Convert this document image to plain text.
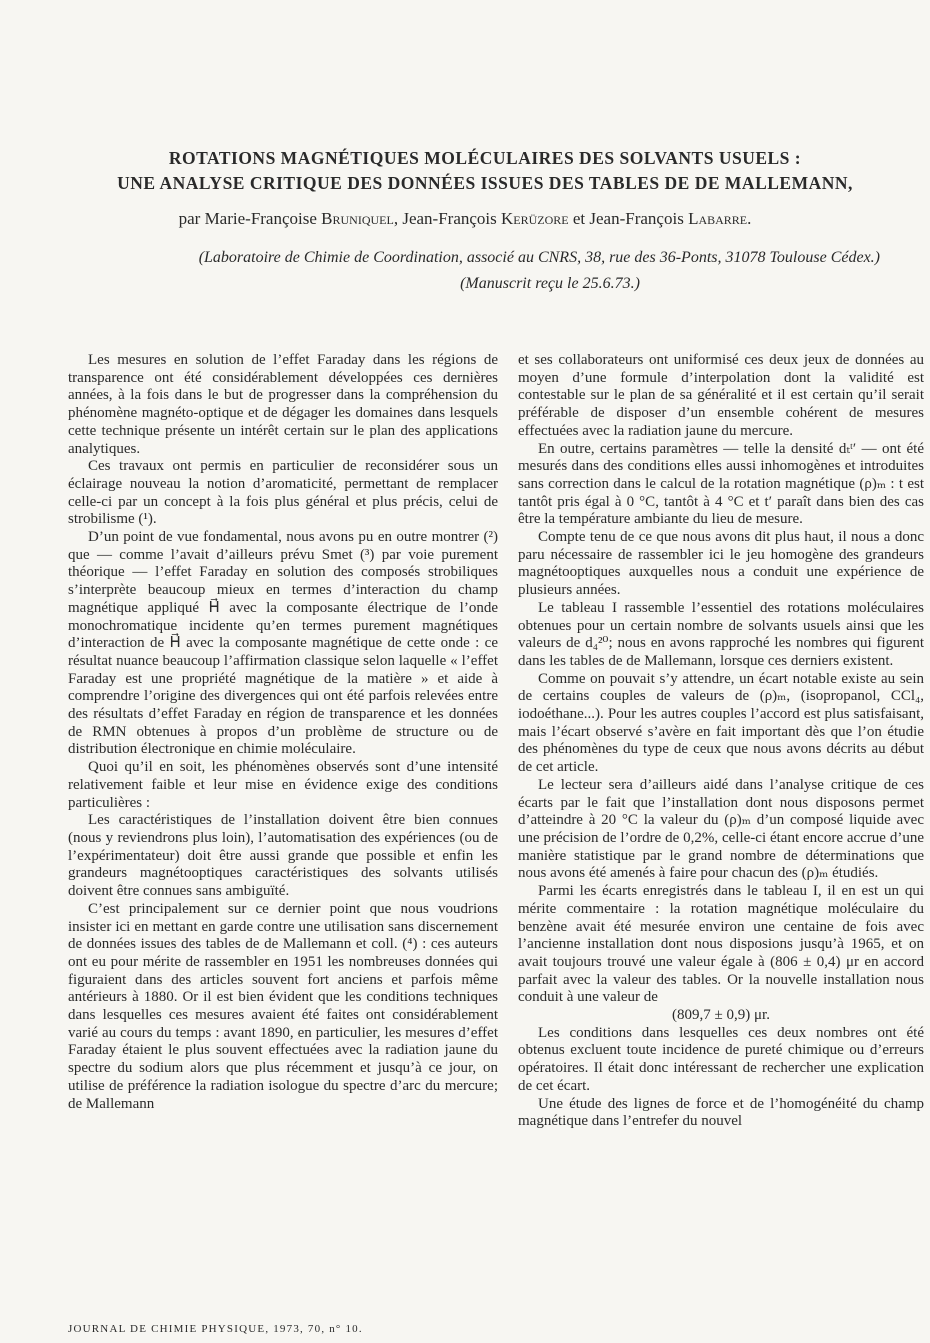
ROTATIONS MAGNÉTIQUES MOLÉCULAIRES DES SOLVANTS USUELS :
UNE ANALYSE CRITIQUE DES DONNÉES ISSUES DES TABLES DE DE MALLEMANN,
par Marie-Françoise Bruniquel, Jean-François Kerüzore et Jean-François Labarre.
(Laboratoire de Chimie de Coordination, associé au CNRS, 38, rue des 36-Ponts, 31078 Toulouse Cédex.)
(Manuscrit reçu le 25.6.73.)

Les mesures en solution de l’effet Faraday dans les régions de transparence ont été considérablement développées ces dernières années, à la fois dans le but de progresser dans la compréhension du phénomène magnéto-optique et de dégager les domaines dans lesquels cette technique présente un intérêt certain sur le plan des applications analytiques.

Ces travaux ont permis en particulier de reconsidérer sous un éclairage nouveau la notion d’aromaticité, permettant de remplacer celle-ci par un concept à la fois plus général et plus précis, celui de strobilisme (¹).

D’un point de vue fondamental, nous avons pu en outre montrer (²) que — comme l’avait d’ailleurs prévu Smet (³) par voie purement théorique — l’effet Faraday en solution des composés strobiliques s’interprète beaucoup mieux en termes d’interaction du champ magnétique appliqué H⃗ avec la composante électrique de l’onde monochromatique incidente qu’en termes purement magnétiques d’interaction de H⃗ avec la composante magnétique de cette onde : ce résultat nuance beaucoup l’affirmation classique selon laquelle « l’effet Faraday est une propriété magnétique de la matière » et aide à comprendre l’origine des divergences qui ont été parfois relevées entre des résultats d’effet Faraday en région de transparence et les données de RMN obtenues à propos d’un problème de structure ou de distribution électronique en chimie moléculaire.

Quoi qu’il en soit, les phénomènes observés sont d’une intensité relativement faible et leur mise en évidence exige des conditions particulières :

Les caractéristiques de l’installation doivent être bien connues (nous y reviendrons plus loin), l’automatisation des expériences (ou de l’expérimentateur) doit être aussi grande que possible et enfin les grandeurs magnétooptiques caractéristiques des solvants utilisés doivent être connues sans ambiguïté.

C’est principalement sur ce dernier point que nous voudrions insister ici en mettant en garde contre une utilisation sans discernement de données issues des tables de de Mallemann et coll. (⁴) : ces auteurs ont eu pour mérite de rassembler en 1951 les nombreuses données qui figuraient dans des articles souvent fort anciens et parfois même antérieurs à 1880. Or il est bien évident que les conditions techniques dans lesquelles ces mesures avaient été faites ont considérablement varié au cours du temps : avant 1890, en particulier, les mesures d’effet Faraday étaient le plus souvent effectuées avec la radiation jaune du spectre du sodium alors que plus récemment et jusqu’à ce jour, on utilise de préférence la radiation isologue du spectre d’arc du mercure; de Mallemann

et ses collaborateurs ont uniformisé ces deux jeux de données au moyen d’une formule d’interpolation dont la validité est contestable sur le plan de sa généralité et il est certain qu’il serait préférable de disposer d’un ensemble cohérent de mesures effectuées avec la radiation jaune du mercure.

En outre, certains paramètres — telle la densité dₜᵗ′ — ont été mesurés dans des conditions elles aussi inhomogènes et introduites sans correction dans le calcul de la rotation magnétique (ρ)ₘ : t est tantôt pris égal à 0 °C, tantôt à 4 °C et t′ paraît dans bien des cas être la température ambiante du lieu de mesure.

Compte tenu de ce que nous avons dit plus haut, il nous a donc paru nécessaire de rassembler ici le jeu homogène des grandeurs magnétooptiques auxquelles nous a conduit une expérience de plusieurs années.

Le tableau I rassemble l’essentiel des rotations moléculaires obtenues pour un certain nombre de solvants usuels ainsi que les valeurs de d₄²⁰; nous en avons rapproché les nombres qui figurent dans les tables de de Mallemann, lorsque ces derniers existent.

Comme on pouvait s’y attendre, un écart notable existe au sein de certains couples de valeurs de (ρ)ₘ, (isopropanol, CCl₄, iodoéthane...). Pour les autres couples l’accord est plus satisfaisant, mais l’écart observé s’avère en fait important dès que l’on étudie des phénomènes du type de ceux que nous avons décrits au début de cet article.

Le lecteur sera d’ailleurs aidé dans l’analyse critique de ces écarts par le fait que l’installation dont nous disposons permet d’atteindre à 20 °C la valeur du (ρ)ₘ d’un composé liquide avec une précision de l’ordre de 0,2%, celle-ci étant encore accrue d’une manière statistique par le grand nombre de déterminations que nous avons été amenés à faire pour chacun des (ρ)ₘ étudiés.

Parmi les écarts enregistrés dans le tableau I, il en est un qui mérite commentaire : la rotation magnétique moléculaire du benzène avait été mesurée environ une centaine de fois avec l’ancienne installation dont nous disposions jusqu’à 1965, et on avait toujours trouvé une valeur égale à (806 ± 0,4) μr en accord parfait avec la valeur des tables. Or la nouvelle installation nous conduit à une valeur de

(809,7 ± 0,9) μr.

Les conditions dans lesquelles ces deux nombres ont été obtenus excluent toute incidence de pureté chimique ou d’erreurs opératoires. Il était donc intéressant de rechercher une explication de cet écart.

Une étude des lignes de force et de l’homogénéité du champ magnétique dans l’entrefer du nouvel

JOURNAL DE CHIMIE PHYSIQUE, 1973, 70, n° 10.
